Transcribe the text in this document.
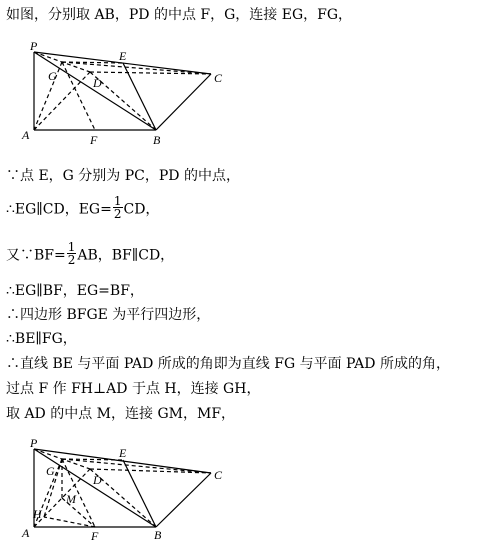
如图，分别取 AB，PD 的中点 F，G，连接 EG，FG，
P
E
G	D	C
A	F	B
∵点 E，G 分别为 PC，PD 的中点，
∴EG∥CD，$EG= \frac{1}{2}$ CD，
又∵BF= $\frac{1}{2}$ AB，BF∥CD，
∴EG∥BF，EG=BF，
∴四边形 BFGE 为平行四边形，
∴BE∥FG，
∴直线 BE 与平面 PAD 所成的角即为直线 FG 与平面 PAD 所成的角，
过点 F 作 FH⊥AD 于点 H，连接 GH，
取 AD 的中点 M，连接 GM，MF，
P
E
G
D	C
A	F	B
H
M
